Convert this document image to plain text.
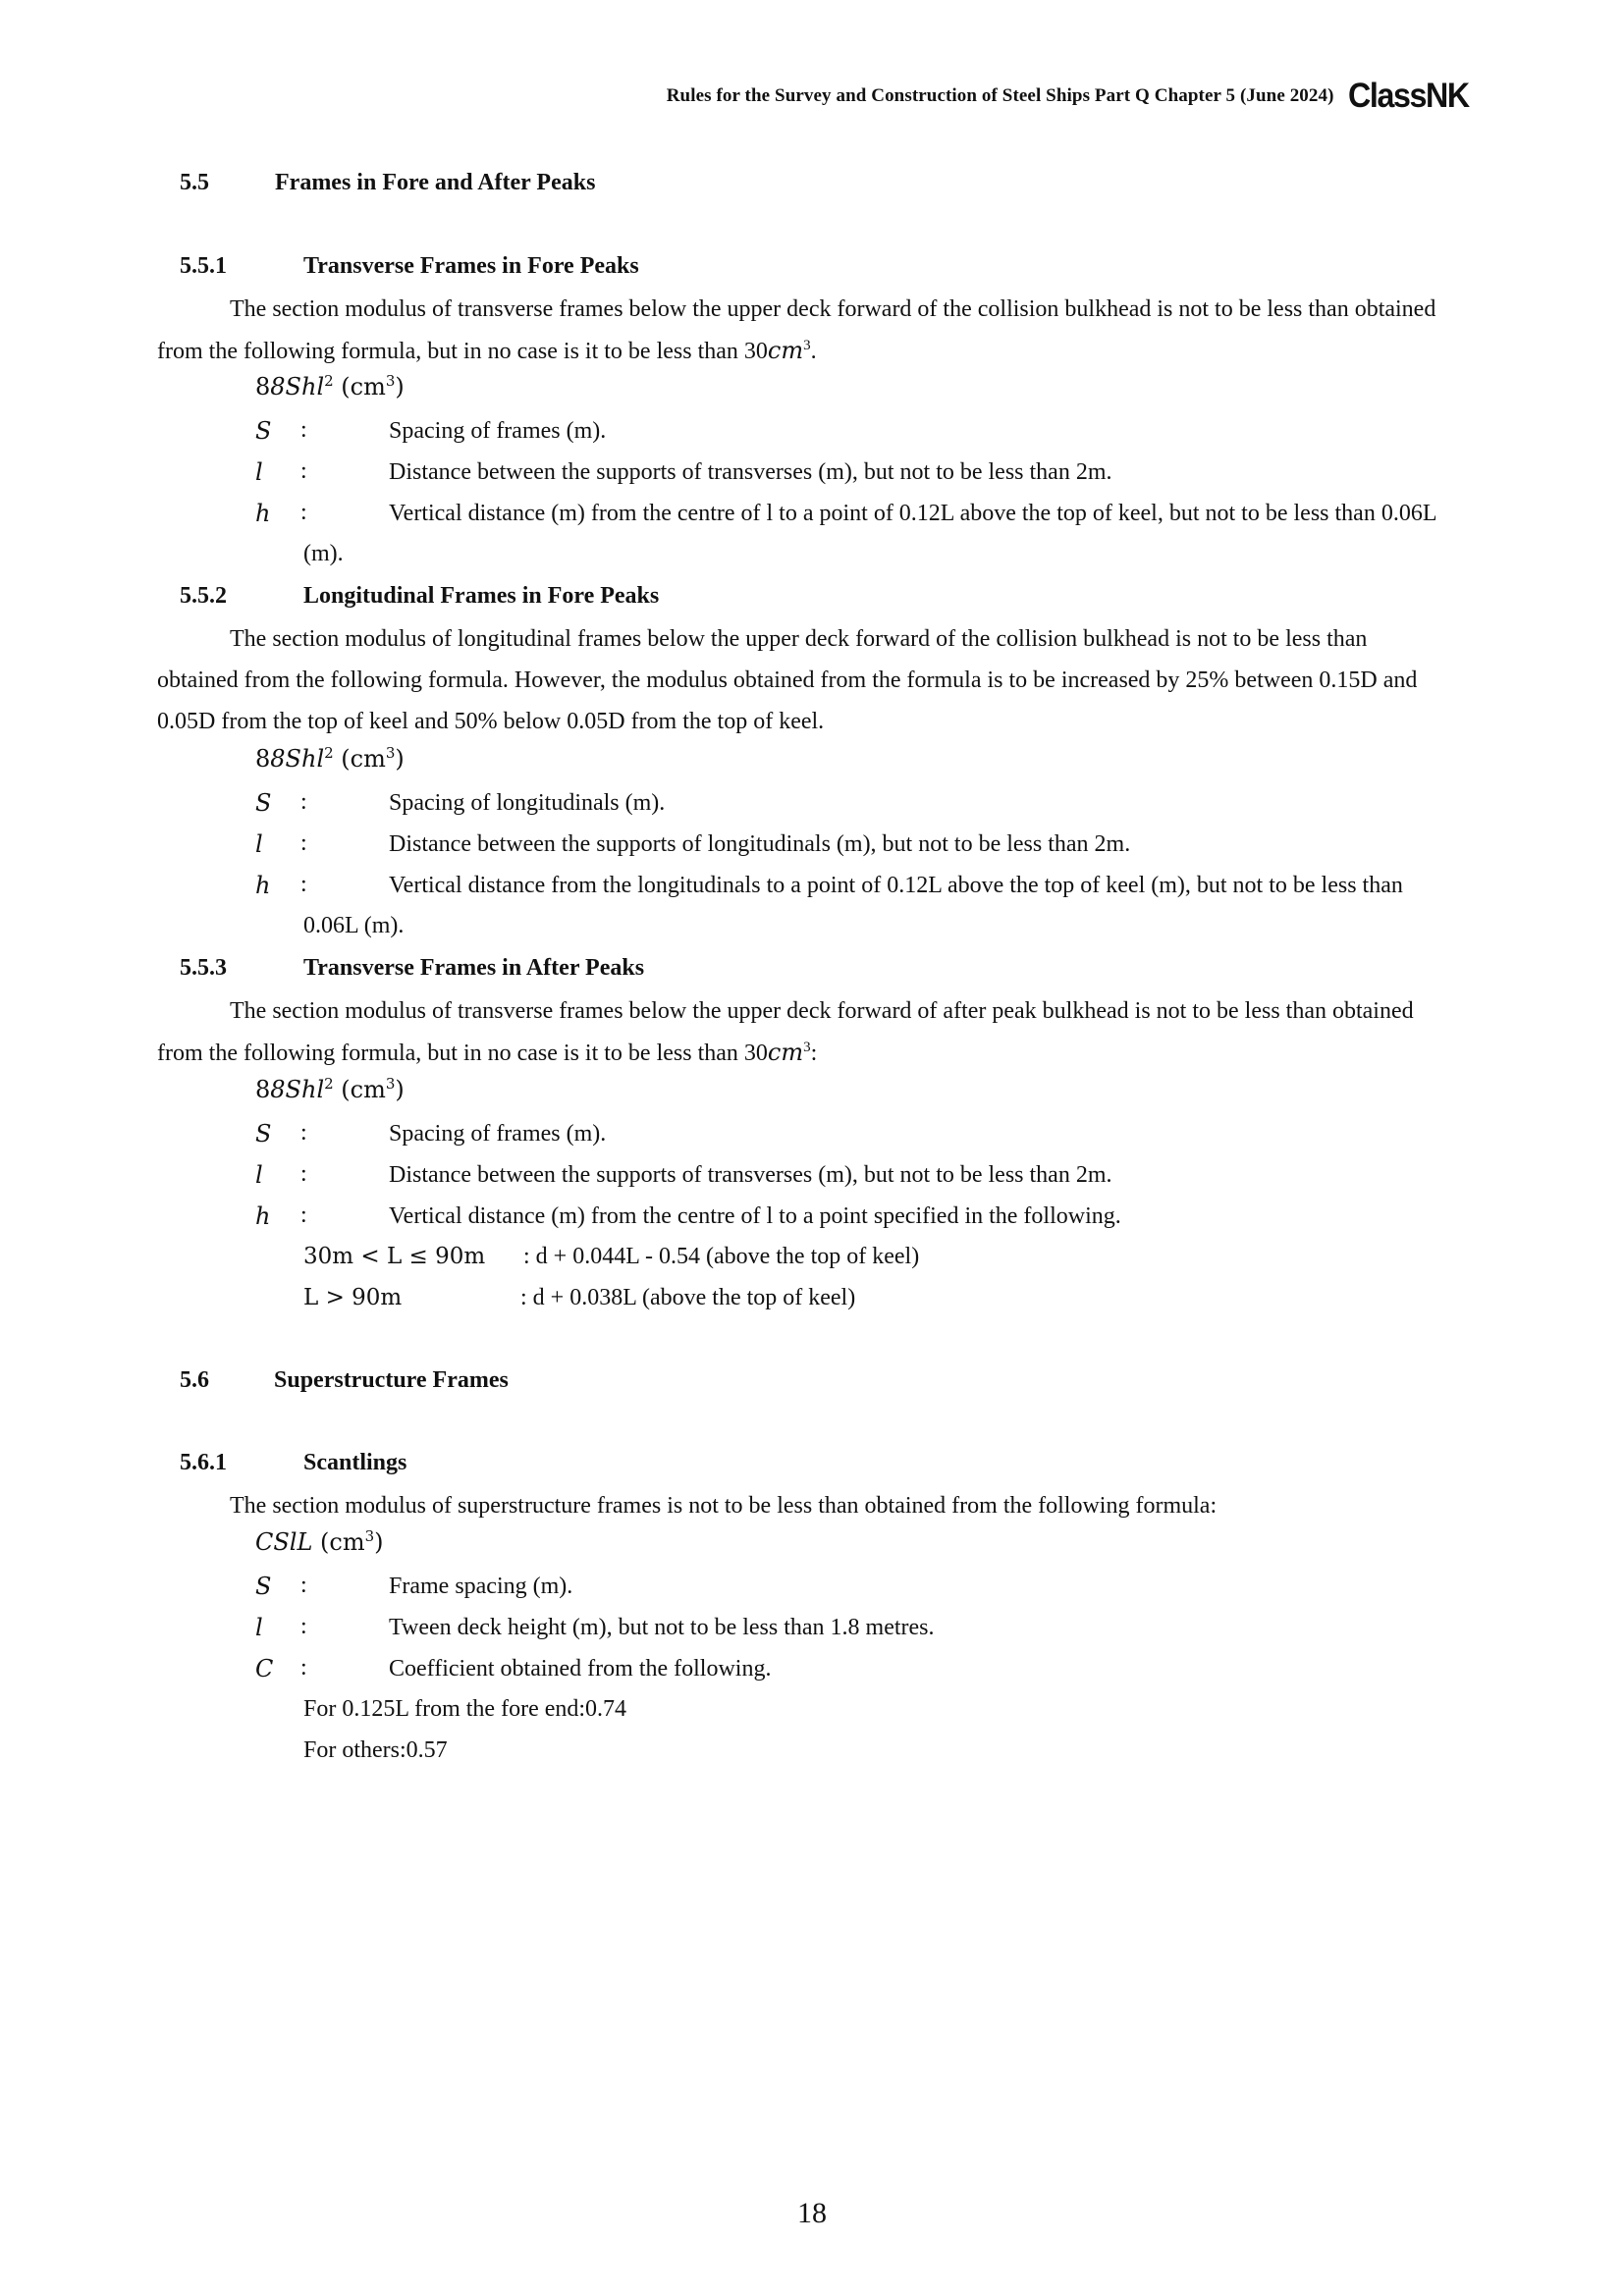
Rules for the Survey and Construction of Steel Ships Part Q Chapter 5 (June 2024) ClassNK
5.5	Frames in Fore and After Peaks
5.5.1	Transverse Frames in Fore Peaks
The section modulus of transverse frames below the upper deck forward of the collision bulkhead is not to be less than obtained
from the following formula, but in no case is it to be less than $30cm^3$.
88Shl$^2$ $(cm^3)$
S :	Spacing of frames (m).
l :	Distance between the supports of transverses (m), but not to be less than 2m.
h :	Vertical distance (m) from the centre of l to a point of 0.12L above the top of keel, but not to be less than 0.06L
(m).
5.5.2	Longitudinal Frames in Fore Peaks
The section modulus of longitudinal frames below the upper deck forward of the collision bulkhead is not to be less than
obtained from the following formula. However, the modulus obtained from the formula is to be increased by 25% between 0.15D and
0.05D from the top of keel and 50% below 0.05D from the top of keel.
88Shl$^2$ $(cm^3)$
S :	Spacing of longitudinals (m).
l :	Distance between the supports of longitudinals (m), but not to be less than 2m.
h :	Vertical distance from the longitudinals to a point of 0.12L above the top of keel (m), but not to be less than
0.06L (m).
5.5.3	Transverse Frames in After Peaks
The section modulus of transverse frames below the upper deck forward of after peak bulkhead is not to be less than obtained
from the following formula, but in no case is it to be less than $30cm^3$:
88Shl$^2$ $(cm^3)$
S :	Spacing of frames (m).
l :	Distance between the supports of transverses (m), but not to be less than 2m.
h :	Vertical distance (m) from the centre of l to a point specified in the following.
30m < L ≤ 90m : d + 0.044L - 0.54 (above the top of keel)
L > 90m	: d + 0.038L (above the top of keel)
5.6	Superstructure Frames
5.6.1	Scantlings
The section modulus of superstructure frames is not to be less than obtained from the following formula:
CSlL $(cm^3)$
S :	Frame spacing (m).
l :	Tween deck height (m), but not to be less than 1.8 metres.
C :	Coefficient obtained from the following.
For 0.125L from the fore end:0.74
For others:0.57
18
